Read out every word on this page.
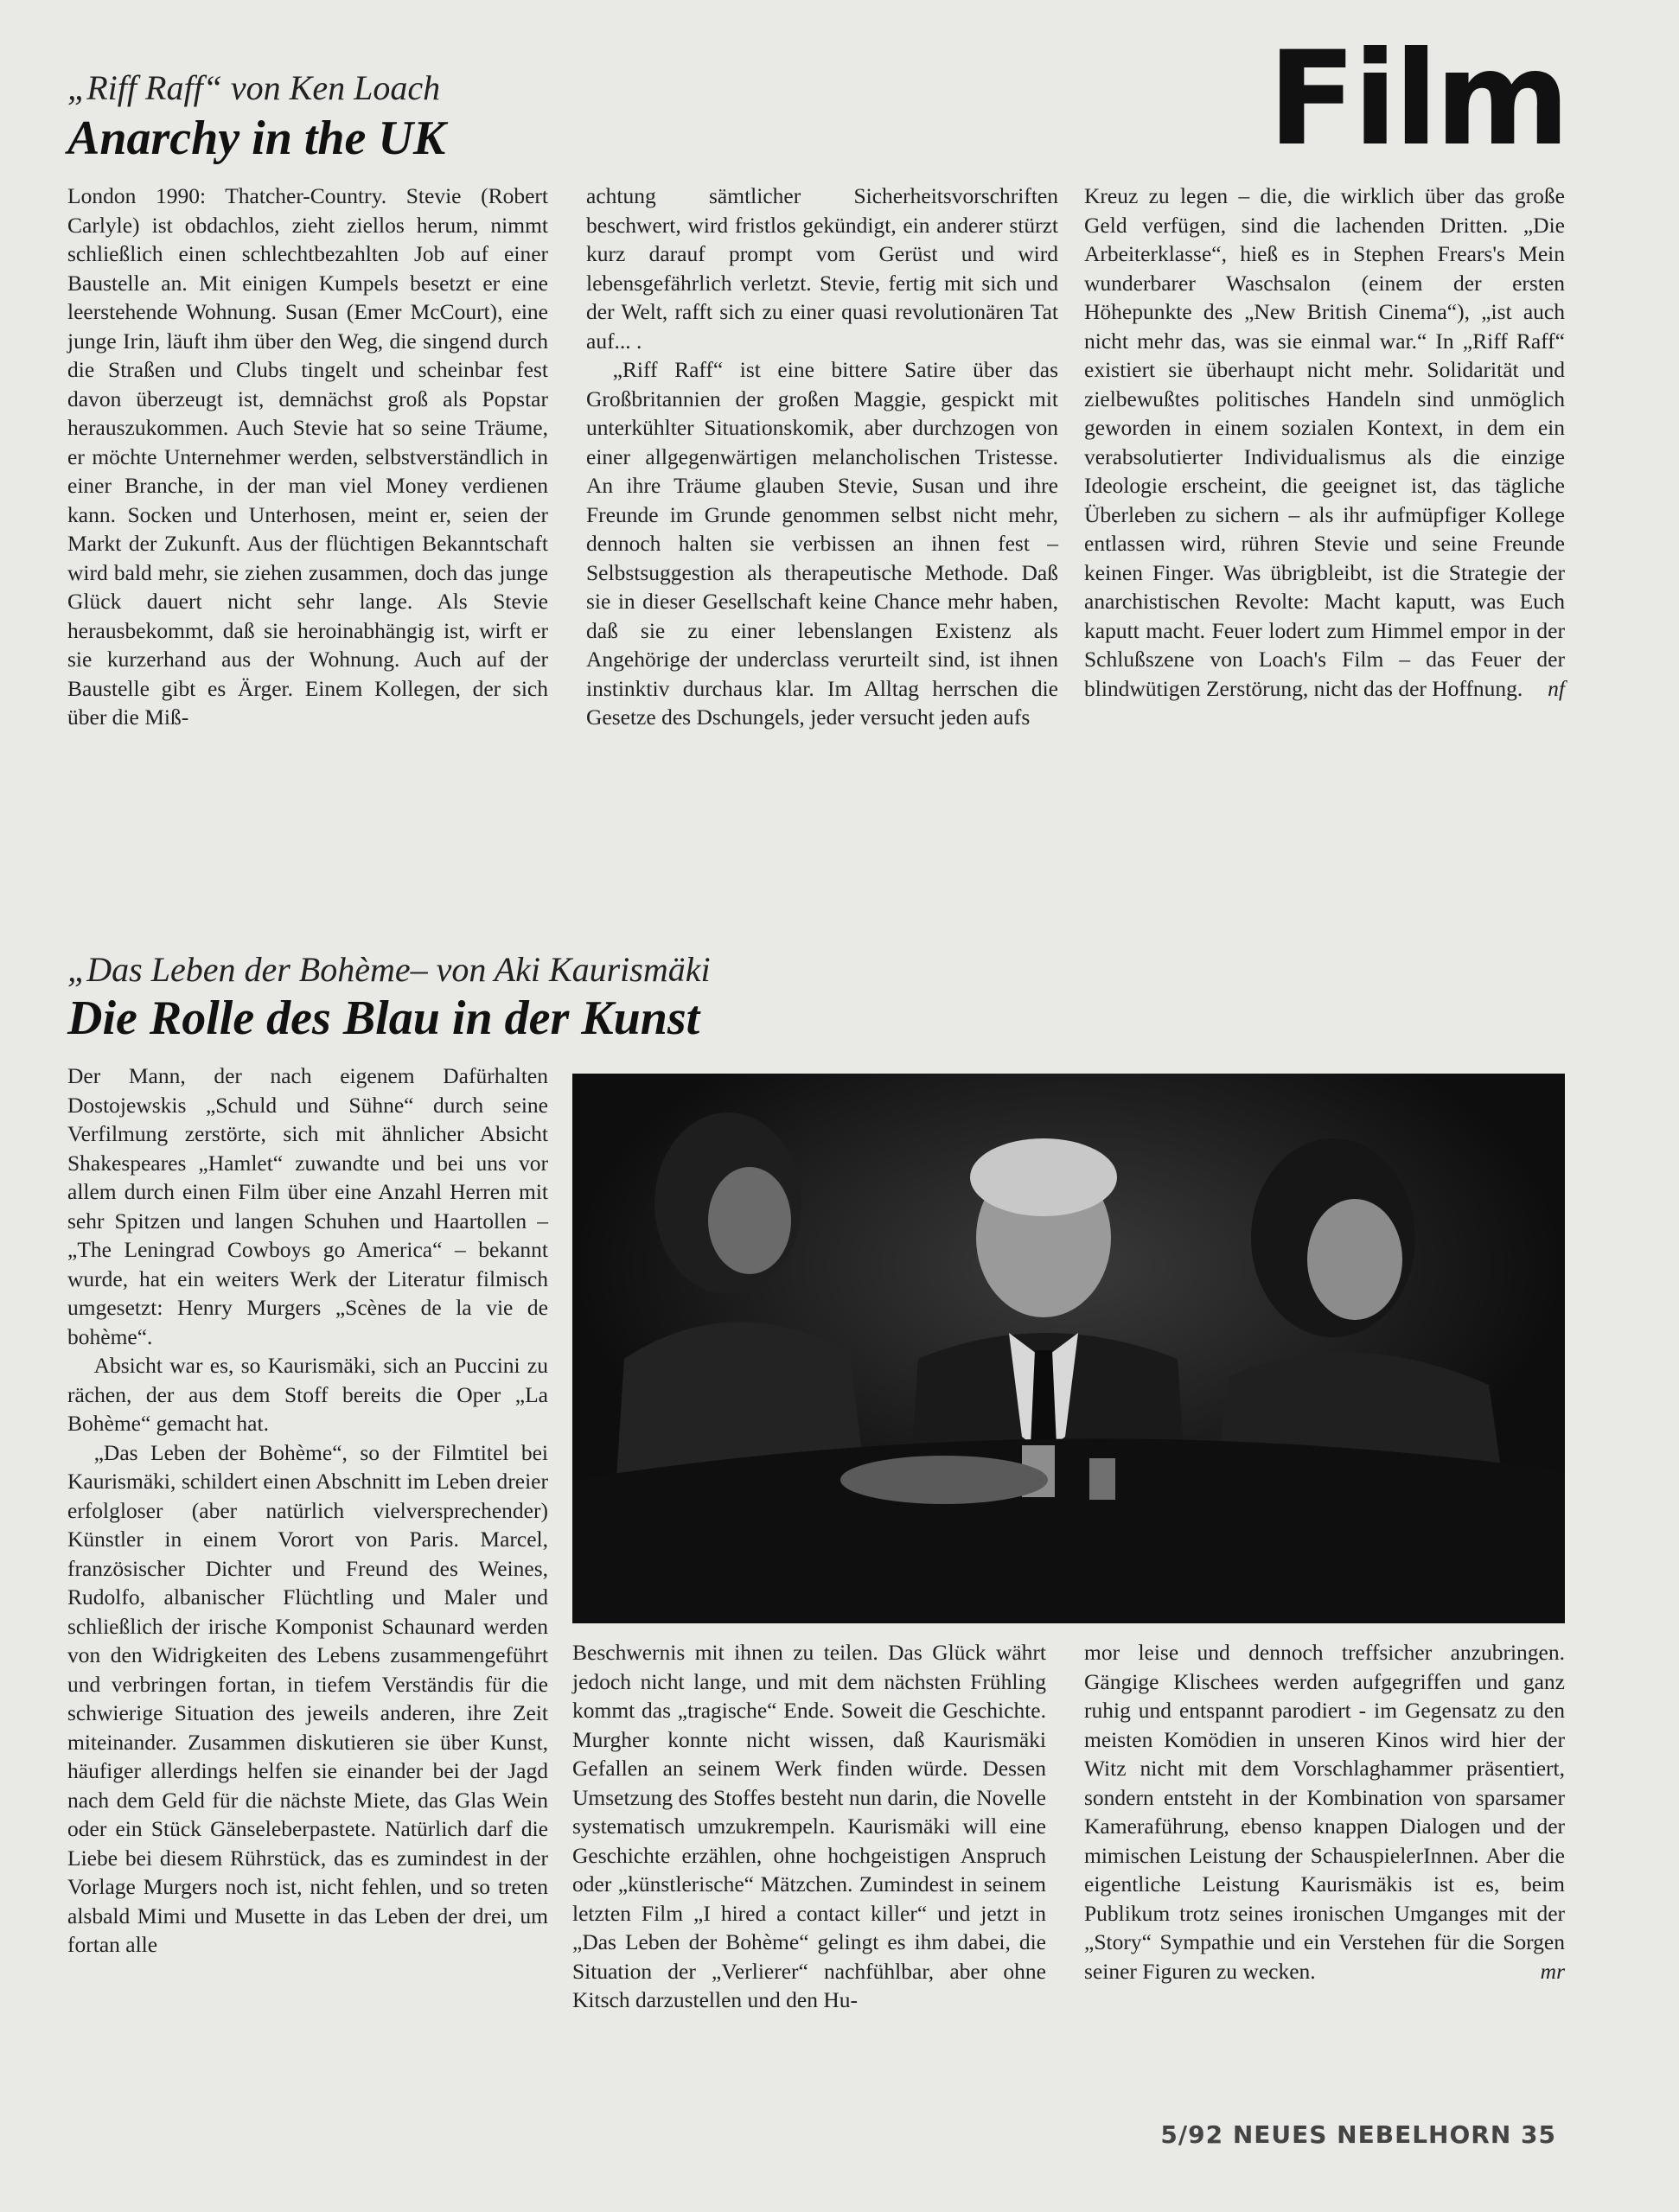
Film
„Riff Raff“ von Ken Loach
Anarchy in the UK

London 1990: Thatcher-Country. Stevie (Robert Carlyle) ist obdachlos, zieht ziellos herum, nimmt schließlich einen schlechtbezahlten Job auf einer Baustelle an. Mit einigen Kumpels besetzt er eine leerstehende Wohnung. Susan (Emer McCourt), eine junge Irin, läuft ihm über den Weg, die singend durch die Straßen und Clubs tingelt und scheinbar fest davon überzeugt ist, demnächst groß als Popstar herauszukommen. Auch Stevie hat so seine Träume, er möchte Unternehmer werden, selbstverständlich in einer Branche, in der man viel Money verdienen kann. Socken und Unterhosen, meint er, seien der Markt der Zukunft. Aus der flüchtigen Bekanntschaft wird bald mehr, sie ziehen zusammen, doch das junge Glück dauert nicht sehr lange. Als Stevie herausbekommt, daß sie heroinabhängig ist, wirft er sie kurzerhand aus der Wohnung. Auch auf der Baustelle gibt es Ärger. Einem Kollegen, der sich über die Miß-

achtung sämtlicher Sicherheitsvorschriften beschwert, wird fristlos gekündigt, ein anderer stürzt kurz darauf prompt vom Gerüst und wird lebensgefährlich verletzt. Stevie, fertig mit sich und der Welt, rafft sich zu einer quasi revolutionären Tat auf... .

„Riff Raff“ ist eine bittere Satire über das Großbritannien der großen Maggie, gespickt mit unterkühlter Situationskomik, aber durchzogen von einer allgegenwärtigen melancholischen Tristesse. An ihre Träume glauben Stevie, Susan und ihre Freunde im Grunde genommen selbst nicht mehr, dennoch halten sie verbissen an ihnen fest – Selbstsuggestion als therapeutische Methode. Daß sie in dieser Gesellschaft keine Chance mehr haben, daß sie zu einer lebenslangen Existenz als Angehörige der underclass verurteilt sind, ist ihnen instinktiv durchaus klar. Im Alltag herrschen die Gesetze des Dschungels, jeder versucht jeden aufs

Kreuz zu legen – die, die wirklich über das große Geld verfügen, sind die lachenden Dritten. „Die Arbeiterklasse“, hieß es in Stephen Frears's Mein wunderbarer Waschsalon (einem der ersten Höhepunkte des „New British Cinema“), „ist auch nicht mehr das, was sie einmal war.“ In „Riff Raff“ existiert sie überhaupt nicht mehr. Solidarität und zielbewußtes politisches Handeln sind unmöglich geworden in einem sozialen Kontext, in dem ein verabsolutierter Individualismus als die einzige Ideologie erscheint, die geeignet ist, das tägliche Überleben zu sichern – als ihr aufmüpfiger Kollege entlassen wird, rühren Stevie und seine Freunde keinen Finger. Was übrigbleibt, ist die Strategie der anarchistischen Revolte: Macht kaputt, was Euch kaputt macht. Feuer lodert zum Himmel empor in der Schlußszene von Loach's Film – das Feuer der blindwütigen Zerstörung, nicht das der Hoffnung. nf

„Das Leben der Bohème– von Aki Kaurismäki
Die Rolle des Blau in der Kunst

Der Mann, der nach eigenem Dafürhalten Dostojewskis „Schuld und Sühne“ durch seine Verfilmung zerstörte, sich mit ähnlicher Absicht Shakespeares „Hamlet“ zuwandte und bei uns vor allem durch einen Film über eine Anzahl Herren mit sehr Spitzen und langen Schuhen und Haartollen – „The Leningrad Cowboys go America“ – bekannt wurde, hat ein weiters Werk der Literatur filmisch umgesetzt: Henry Murgers „Scènes de la vie de bohème“.

Absicht war es, so Kaurismäki, sich an Puccini zu rächen, der aus dem Stoff bereits die Oper „La Bohème“ gemacht hat.

„Das Leben der Bohème“, so der Filmtitel bei Kaurismäki, schildert einen Abschnitt im Leben dreier erfolgloser (aber natürlich vielversprechender) Künstler in einem Vorort von Paris. Marcel, französischer Dichter und Freund des Weines, Rudolfo, albanischer Flüchtling und Maler und schließlich der irische Komponist Schaunard werden von den Widrigkeiten des Lebens zusammengeführt und verbringen fortan, in tiefem Verständis für die schwierige Situation des jeweils anderen, ihre Zeit miteinander. Zusammen diskutieren sie über Kunst, häufiger allerdings helfen sie einander bei der Jagd nach dem Geld für die nächste Miete, das Glas Wein oder ein Stück Gänseleberpastete. Natürlich darf die Liebe bei diesem Rührstück, das es zumindest in der Vorlage Murgers noch ist, nicht fehlen, und so treten alsbald Mimi und Musette in das Leben der drei, um fortan alle

Beschwernis mit ihnen zu teilen. Das Glück währt jedoch nicht lange, und mit dem nächsten Frühling kommt das „tragische“ Ende. Soweit die Geschichte. Murgher konnte nicht wissen, daß Kaurismäki Gefallen an seinem Werk finden würde. Dessen Umsetzung des Stoffes besteht nun darin, die Novelle systematisch umzukrempeln. Kaurismäki will eine Geschichte erzählen, ohne hochgeistigen Anspruch oder „künstlerische“ Mätzchen. Zumindest in seinem letzten Film „I hired a contact killer“ und jetzt in „Das Leben der Bohème“ gelingt es ihm dabei, die Situation der „Verlierer“ nachfühlbar, aber ohne Kitsch darzustellen und den Hu-

mor leise und dennoch treffsicher anzubringen. Gängige Klischees werden aufgegriffen und ganz ruhig und entspannt parodiert - im Gegensatz zu den meisten Komödien in unseren Kinos wird hier der Witz nicht mit dem Vorschlaghammer präsentiert, sondern entsteht in der Kombination von sparsamer Kameraführung, ebenso knappen Dialogen und der mimischen Leistung der SchauspielerInnen. Aber die eigentliche Leistung Kaurismäkis ist es, beim Publikum trotz seines ironischen Umganges mit der „Story“ Sympathie und ein Verstehen für die Sorgen seiner Figuren zu wecken.	mr

5/92 NEUES NEBELHORN 35
